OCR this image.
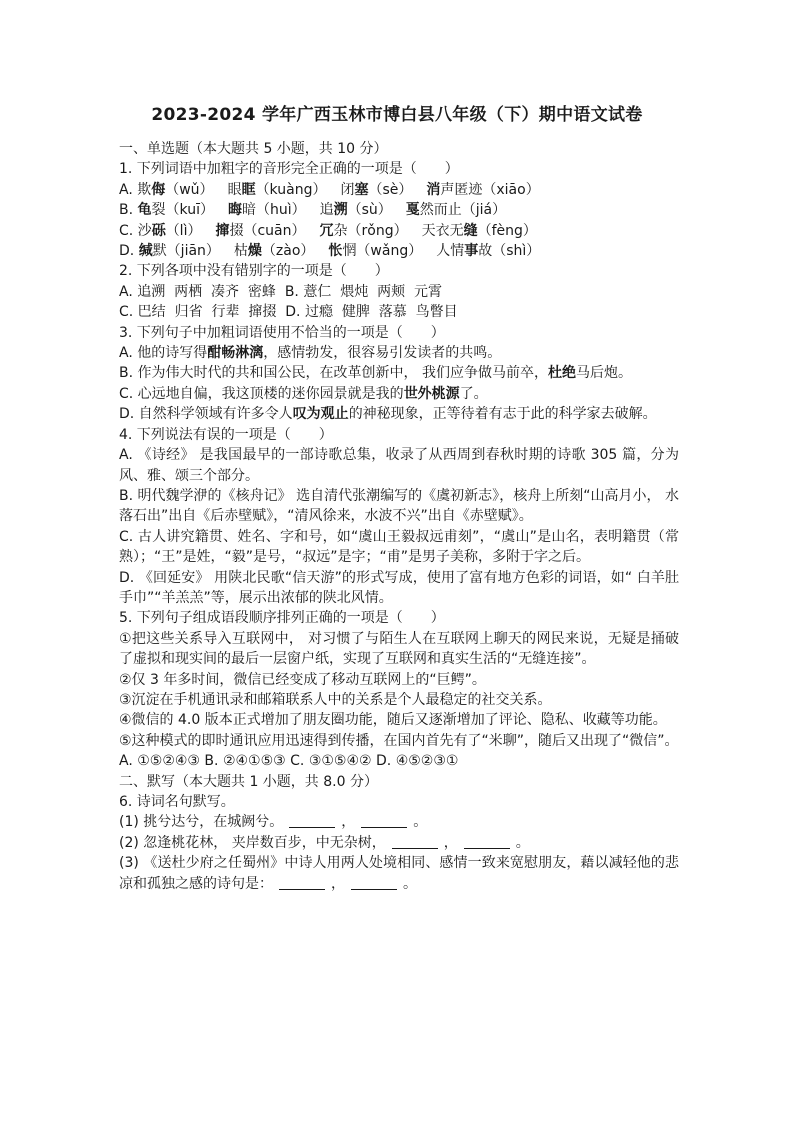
2023-2024 学年广西玉林市博白县八年级（下）期中语文试卷
一、单选题（本大题共 5 小题，共 10 分）
1. 下列词语中加粗字的音形完全正确的一项是（　　）
A. 欺侮（wǔ） 眼眶（kuàng） 闭塞（sè） 消声匿迹（xiāo）
B. 龟裂（kuī） 晦暗（huì） 追溯（sù） 戛然而止（jiá）
C. 沙砾（lì） 撺掇（cuān） 冗杂（rǒng） 天衣无缝（fèng）
D. 缄默（jiān） 枯燥（zào） 怅惘（wǎng） 人情事故（shì）
2. 下列各项中没有错别字的一项是（　　）
A. 追溯  两栖  凑齐  密蜂  B. 薏仁  煨炖  两颊  元霄
C. 巴结  归省  行辈  撺掇  D. 过瘾  健脾  落慕  鸟瞥目
3. 下列句子中加粗词语使用不恰当的一项是（　　）
A. 他的诗写得酣畅淋漓，感情勃发，很容易引发读者的共鸣。
B. 作为伟大时代的共和国公民，在改革创新中， 我们应争做马前卒，杜绝马后炮。
C. 心远地自偏，我这顶楼的迷你园景就是我的世外桃源了。
D. 自然科学领域有许多令人叹为观止的神秘现象，正等待着有志于此的科学家去破解。
4. 下列说法有误的一项是（　　）
A. 《诗经》 是我国最早的一部诗歌总集，收录了从西周到春秋时期的诗歌 305 篇，分为风、雅、颂三个部分。
B. 明代魏学洢的《核舟记》 选自清代张潮编写的《虞初新志》，核舟上所刻“山高月小， 水落石出”出自《后赤壁赋》，“清风徐来，水波不兴”出自《赤壁赋》。
C. 古人讲究籍贯、姓名、字和号，如“虞山王毅叔远甫刻”，“虞山”是山名，表明籍贯（常熟）；“王”是姓，“毅”是号，“叔远”是字；“甫”是男子美称，多附于字之后。
D. 《回延安》 用陕北民歌“信天游”的形式写成，使用了富有地方色彩的词语，如“ 白羊肚手巾”“羊羔羔”等，展示出浓郁的陕北风情。
5. 下列句子组成语段顺序排列正确的一项是（　　）
①把这些关系导入互联网中， 对习惯了与陌生人在互联网上聊天的网民来说，无疑是捅破了虚拟和现实间的最后一层窗户纸，实现了互联网和真实生活的“无缝连接”。
②仅 3 年多时间，微信已经变成了移动互联网上的“巨鳄”。
③沉淀在手机通讯录和邮箱联系人中的关系是个人最稳定的社交关系。
④微信的 4.0 版本正式增加了朋友圈功能，随后又逐渐增加了评论、隐私、收藏等功能。
⑤这种模式的即时通讯应用迅速得到传播，在国内首先有了“米聊”，随后又出现了“微信”。
A. ①⑤②④③ B. ②④①⑤③ C. ③①⑤④② D. ④⑤②③①
二、默写（本大题共 1 小题，共 8.0 分）
6. 诗词名句默写。
(1) 挑兮达兮，在城阙兮。	，	。
(2) 忽逢桃花林， 夹岸数百步，中无杂树，	，	。
(3) 《送杜少府之任蜀州》中诗人用两人处境相同、感情一致来宽慰朋友，藉以减轻他的悲凉和孤独之感的诗句是：	，	。
